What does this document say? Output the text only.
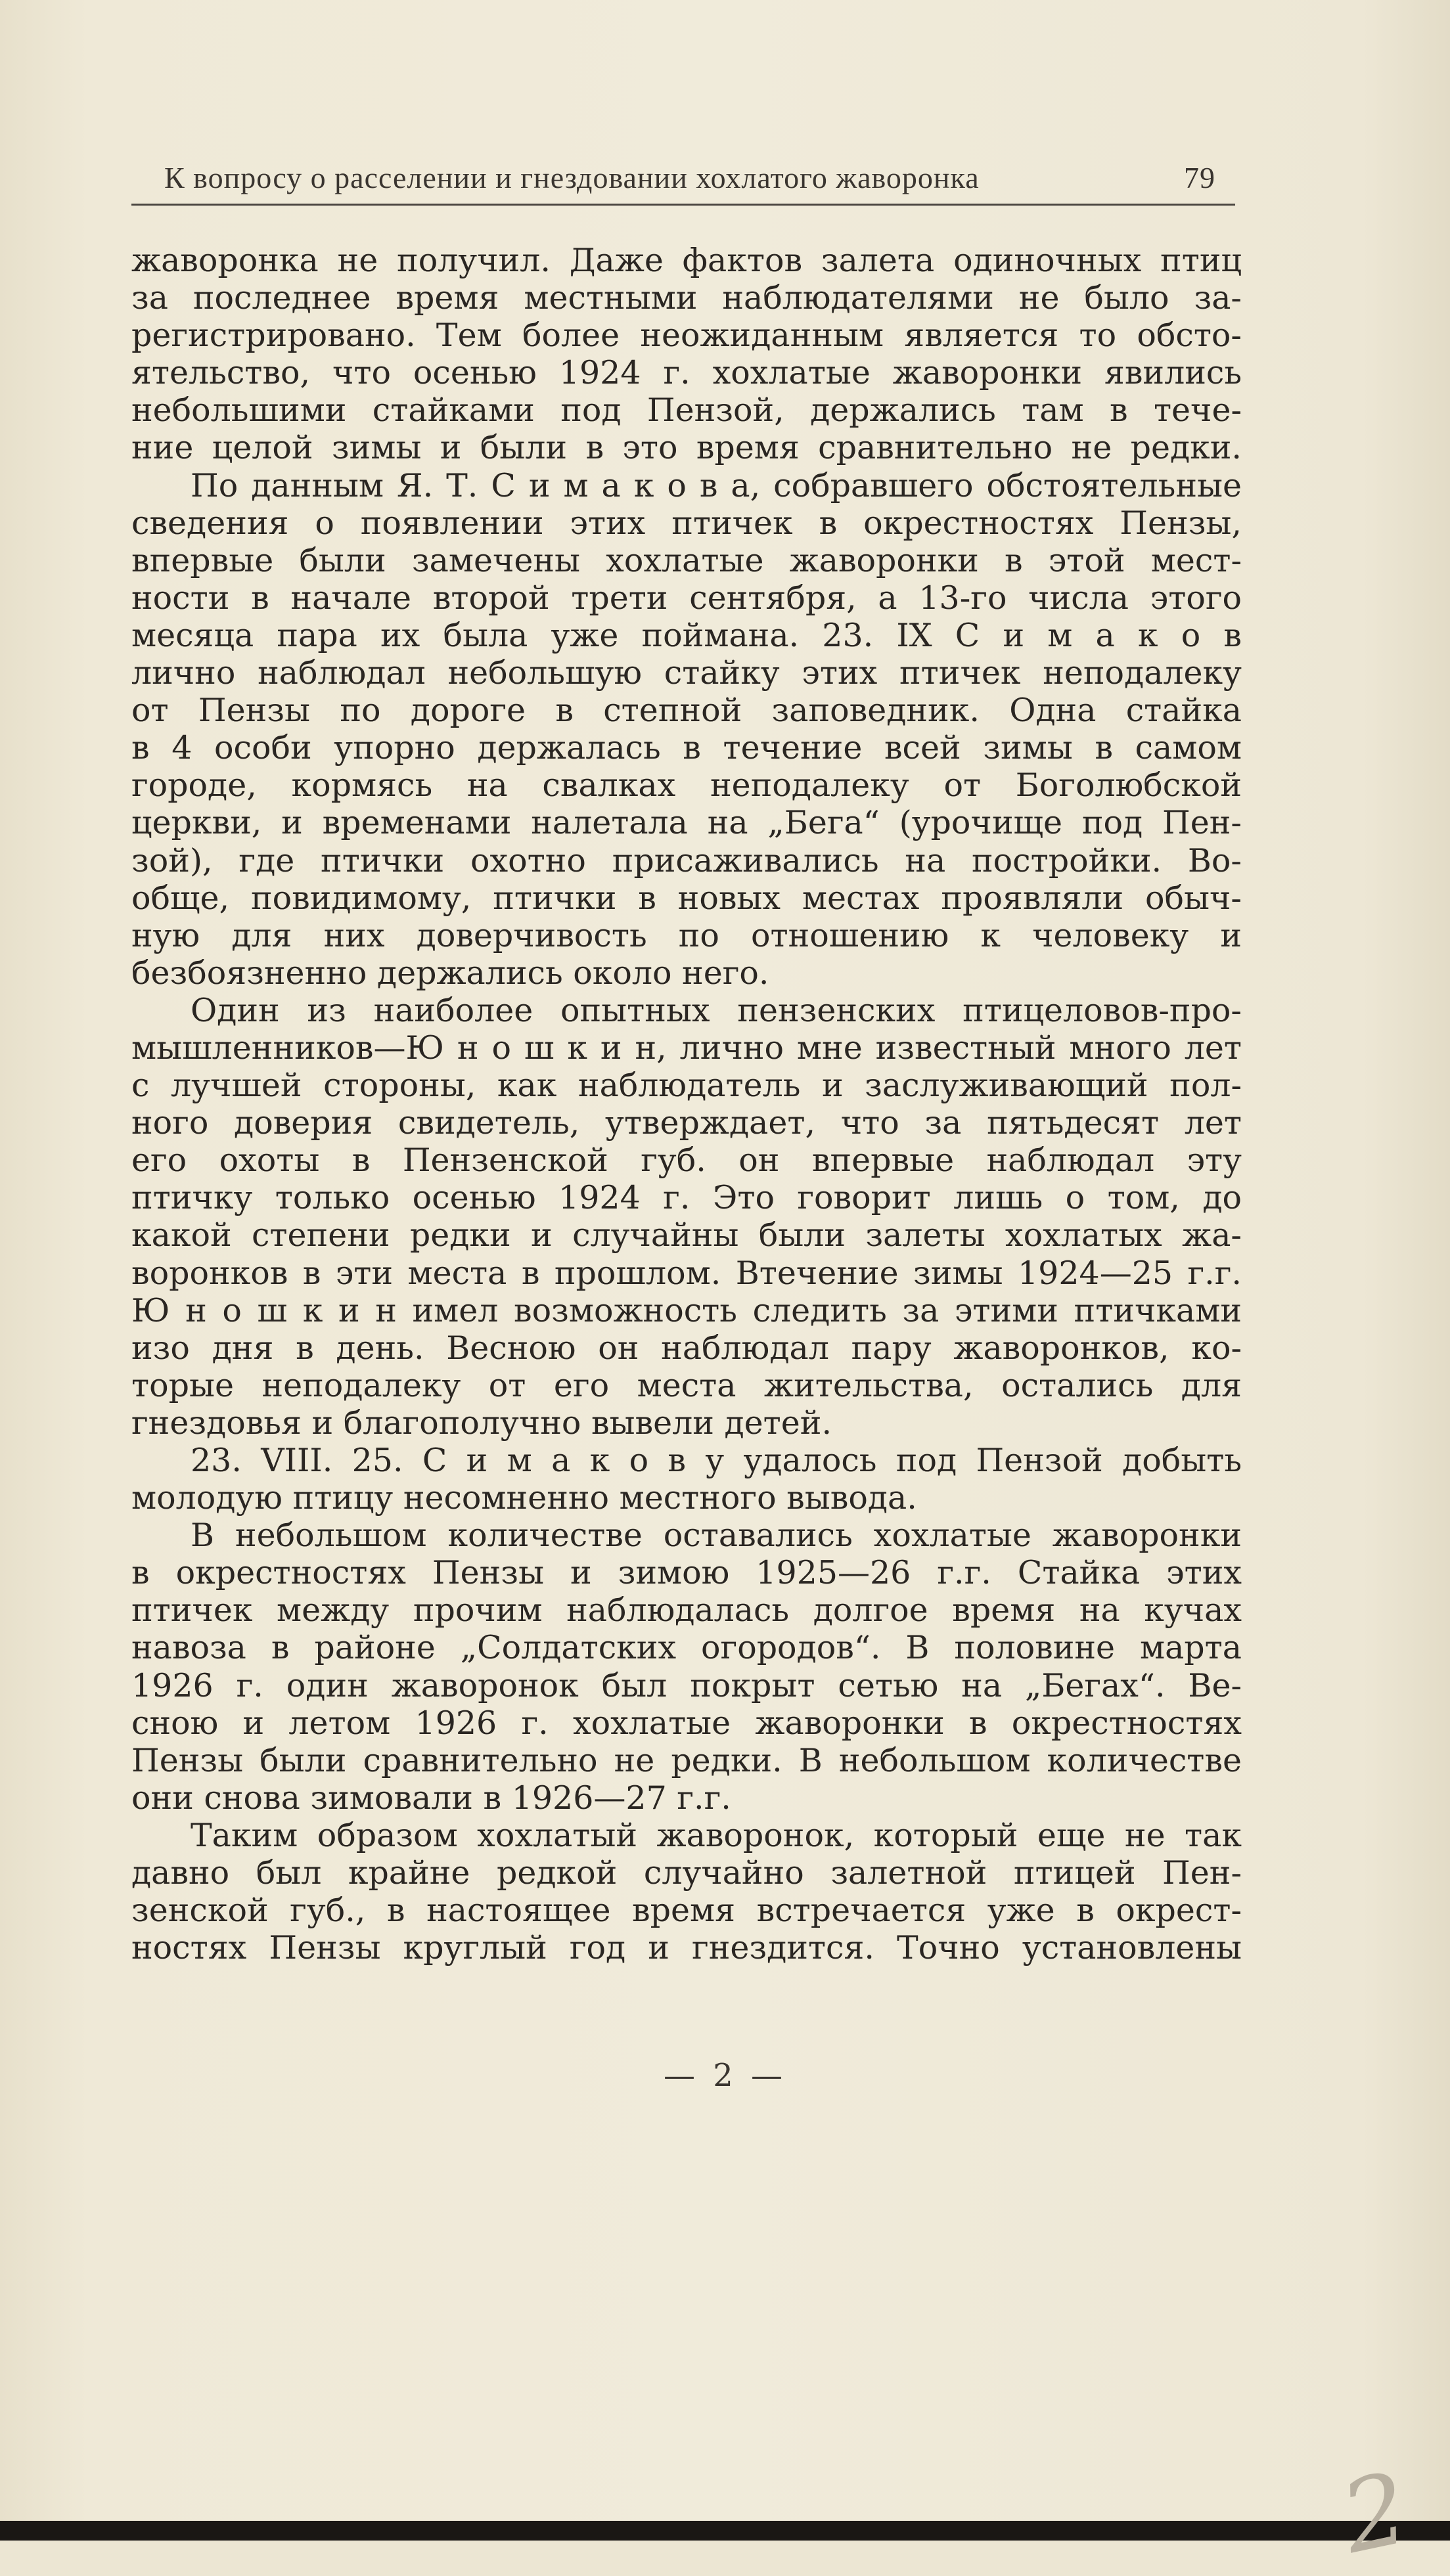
К вопросу о расселении и гнездовании хохлатого жаворонка	79
жаворонка не получил. Даже фактов залета одиночных птиц
за последнее время местными наблюдателями не было за-
регистрировано. Тем более неожиданным является то обсто-
ятельство, что осенью 1924 г. хохлатые жаворонки явились
небольшими стайками под Пензой, держались там в тече-
ние целой зимы и были в это время сравнительно не редки.
По данным Я. Т. С и м а к о в а, собравшего обстоятельные
сведения о появлении этих птичек в окрестностях Пензы,
впервые были замечены хохлатые жаворонки в этой мест-
ности в начале второй трети сентября, а 13-го числа этого
месяца пара их была уже поймана. 23. IX С и м а к о в
лично наблюдал небольшую стайку этих птичек неподалеку
от Пензы по дороге в степной заповедник. Одна стайка
в 4 особи упорно держалась в течение всей зимы в самом
городе, кормясь на свалках неподалеку от Боголюбской
церкви, и временами налетала на „Бега“ (урочище под Пен-
зой), где птички охотно присаживались на постройки. Во-
обще, повидимому, птички в новых местах проявляли обыч-
ную для них доверчивость по отношению к человеку и
безбоязненно держались около него.
Один из наиболее опытных пензенских птицеловов-про-
мышленников—Ю н о ш к и н, лично мне известный много лет
с лучшей стороны, как наблюдатель и заслуживающий пол-
ного доверия свидетель, утверждает, что за пятьдесят лет
его охоты в Пензенской губ. он впервые наблюдал эту
птичку только осенью 1924 г. Это говорит лишь о том, до
какой степени редки и случайны были залеты хохлатых жа-
воронков в эти места в прошлом. Втечение зимы 1924—25 г.г.
Ю н о ш к и н имел возможность следить за этими птичками
изо дня в день. Весною он наблюдал пару жаворонков, ко-
торые неподалеку от его места жительства, остались для
гнездовья и благополучно вывели детей.
23. VIII. 25. С и м а к о в у удалось под Пензой добыть
молодую птицу несомненно местного вывода.
В небольшом количестве оставались хохлатые жаворонки
в окрестностях Пензы и зимою 1925—26 г.г. Стайка этих
птичек между прочим наблюдалась долгое время на кучах
навоза в районе „Солдатских огородов“. В половине марта
1926 г. один жаворонок был покрыт сетью на „Бегах“. Ве-
сною и летом 1926 г. хохлатые жаворонки в окрестностях
Пензы были сравнительно не редки. В небольшом количестве
они снова зимовали в 1926—27 г.г.
Таким образом хохлатый жаворонок, который еще не так
давно был крайне редкой случайно залетной птицей Пен-
зенской губ., в настоящее время встречается уже в окрест-
ностях Пензы круглый год и гнездится. Точно установлены
— 2 —
2
